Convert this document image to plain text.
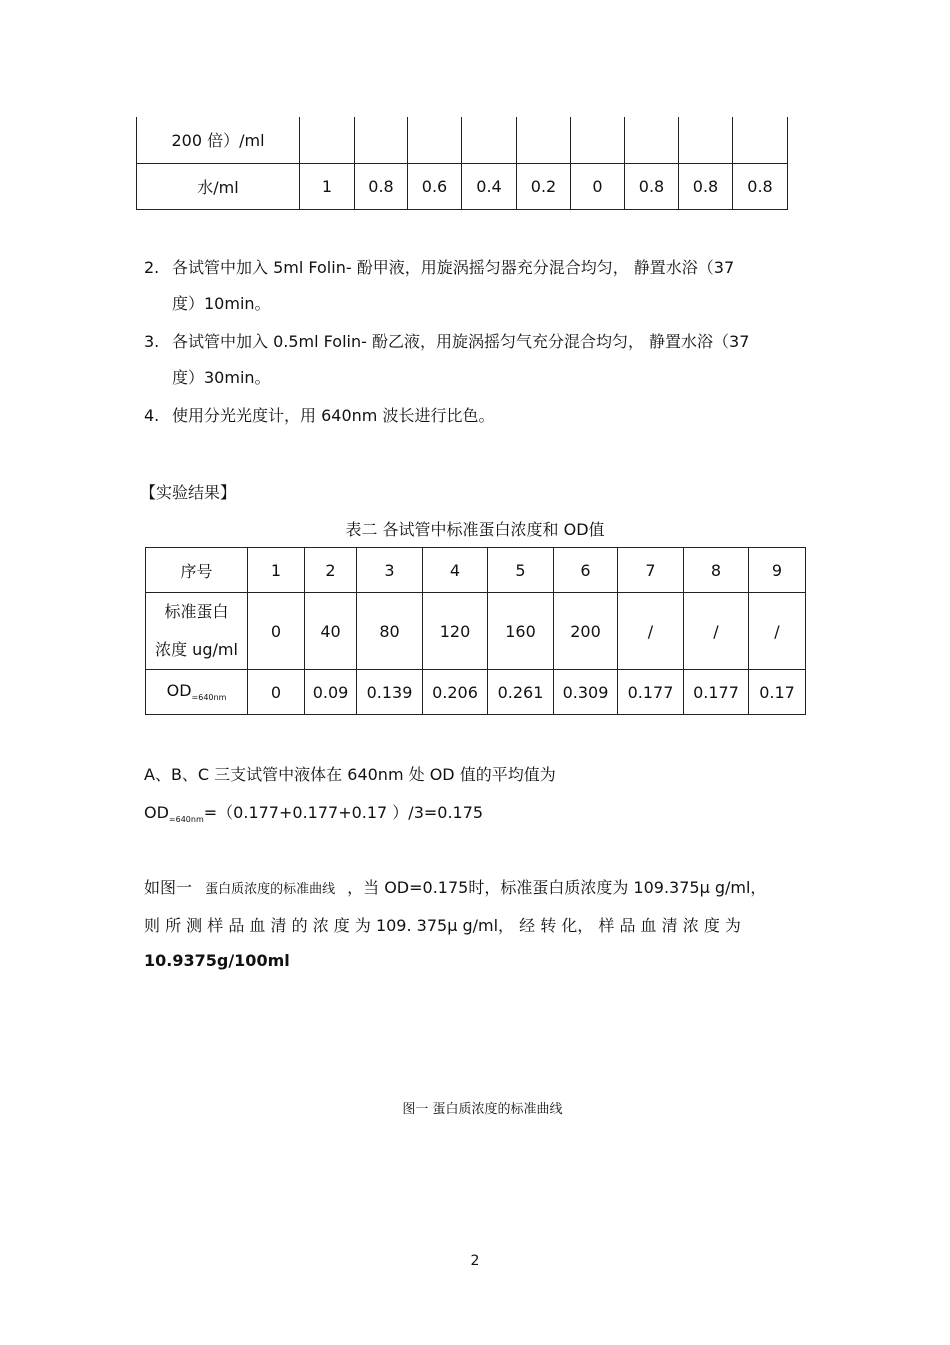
200 倍）/ml									
水/ml	1	0.8	0.6	0.4	0.2	0	0.8	0.8	0.8
2. 各试管中加入 5ml Folin- 酚甲液，用旋涡摇匀器充分混合均匀， 静置水浴（37
度）10min。
3. 各试管中加入 0.5ml Folin- 酚乙液，用旋涡摇匀气充分混合均匀， 静置水浴（37
度）30min。
4. 使用分光光度计，用 640nm 波长进行比色。
【实验结果】
表二 各试管中标准蛋白浓度和 OD值
序号	1	2	3	4	5	6	7	8	9

标准蛋白
浓度 ug/ml	0	40	80	120	160	200	/	/	/
$OD_{=640nm}$	0	0.09	0.139	0.206	0.261	0.309	0.177	0.177	0.17
A、B、C 三支试管中液体在 640nm 处 OD 值的平均值为
$OD_{=640nm}=(0.177+0.177+0.17$ ）/3=0.175
如图一 蛋白质浓度的标准曲线 ，当 OD=0.175时，标准蛋白质浓度为 109.375μ g/ml，
则 所 测 样 品 血 清 的 浓 度 为 109. 375μ g/ml， 经 转 化， 样 品 血 清 浓 度 为
10.9375g/100ml
图一 蛋白质浓度的标准曲线
2
